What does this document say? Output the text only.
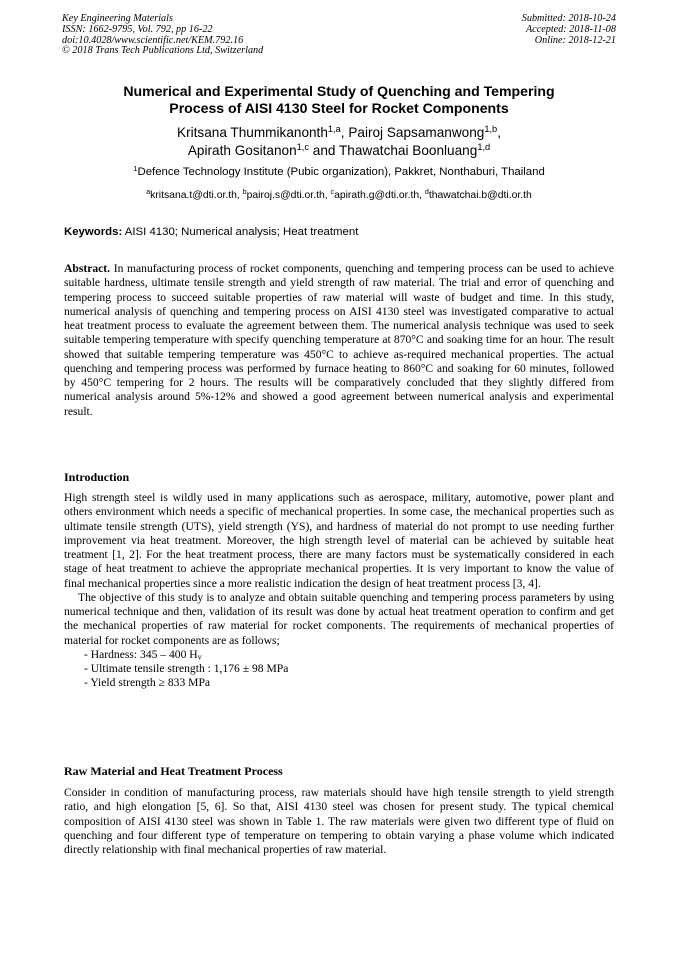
Key Engineering Materials
ISSN: 1662-9795, Vol. 792, pp 16-22
doi:10.4028/www.scientific.net/KEM.792.16
© 2018 Trans Tech Publications Ltd, Switzerland
Submitted: 2018-10-24
Accepted: 2018-11-08
Online: 2018-12-21
Numerical and Experimental Study of Quenching and Tempering
Process of AISI 4130 Steel for Rocket Components
Kritsana Thummikanonth$^{1,a}$, Pairoj Sapsamanwong$^{1,b}$,
Apirath Gositanon$^{1,c}$ and Thawatchai Boonluang$^{1,d}$
$^1$Defence Technology Institute (Pubic organization), Pakkret, Nonthaburi, Thailand
$^a$kritsana.t@dti.or.th, $^b$pairoj.s@dti.or.th, $^c$apirath.g@dti.or.th, $^d$thawatchai.b@dti.or.th
Keywords: AISI 4130; Numerical analysis; Heat treatment
Abstract. In manufacturing process of rocket components, quenching and tempering process can be used to achieve suitable hardness, ultimate tensile strength and yield strength of raw material. The trial and error of quenching and tempering process to succeed suitable properties of raw material will waste of budget and time. In this study, numerical analysis of quenching and tempering process on AISI 4130 steel was investigated comparative to actual heat treatment process to evaluate the agreement between them. The numerical analysis technique was used to seek suitable tempering temperature with specify quenching temperature at 870°C and soaking time for an hour. The result showed that suitable tempering temperature was 450°C to achieve as-required mechanical properties. The actual quenching and tempering process was performed by furnace heating to 860°C and soaking for 60 minutes, followed by 450°C tempering for 2 hours. The results will be comparatively concluded that they slightly differed from numerical analysis around 5%-12% and showed a good agreement between numerical analysis and experimental result.
Introduction

High strength steel is wildly used in many applications such as aerospace, military, automotive, power plant and others environment which needs a specific of mechanical properties. In some case, the mechanical properties such as ultimate tensile strength (UTS), yield strength (YS), and hardness of material do not prompt to use needing further improvement via heat treatment. Moreover, the high strength level of material can be achieved by suitable heat treatment [1, 2]. For the heat treatment process, there are many factors must be systematically considered in each stage of heat treatment to achieve the appropriate mechanical properties. It is very important to know the value of final mechanical properties since a more realistic indication the design of heat treatment process [3, 4].

The objective of this study is to analyze and obtain suitable quenching and tempering process parameters by using numerical technique and then, validation of its result was done by actual heat treatment operation to confirm and get the mechanical properties of raw material for rocket components. The requirements of mechanical properties of material for rocket components are as follows;

- Hardness: 345 – 400 $H_v$
- Ultimate tensile strength : 1,176 ± 98 MPa
- Yield strength ≥ 833 MPa
Raw Material and Heat Treatment Process
Consider in condition of manufacturing process, raw materials should have high tensile strength to yield strength ratio, and high elongation [5, 6]. So that, AISI 4130 steel was chosen for present study. The typical chemical composition of AISI 4130 steel was shown in Table 1. The raw materials were given two different type of fluid on quenching and four different type of temperature on tempering to obtain varying a phase volume which indicated directly relationship with final mechanical properties of raw material.
